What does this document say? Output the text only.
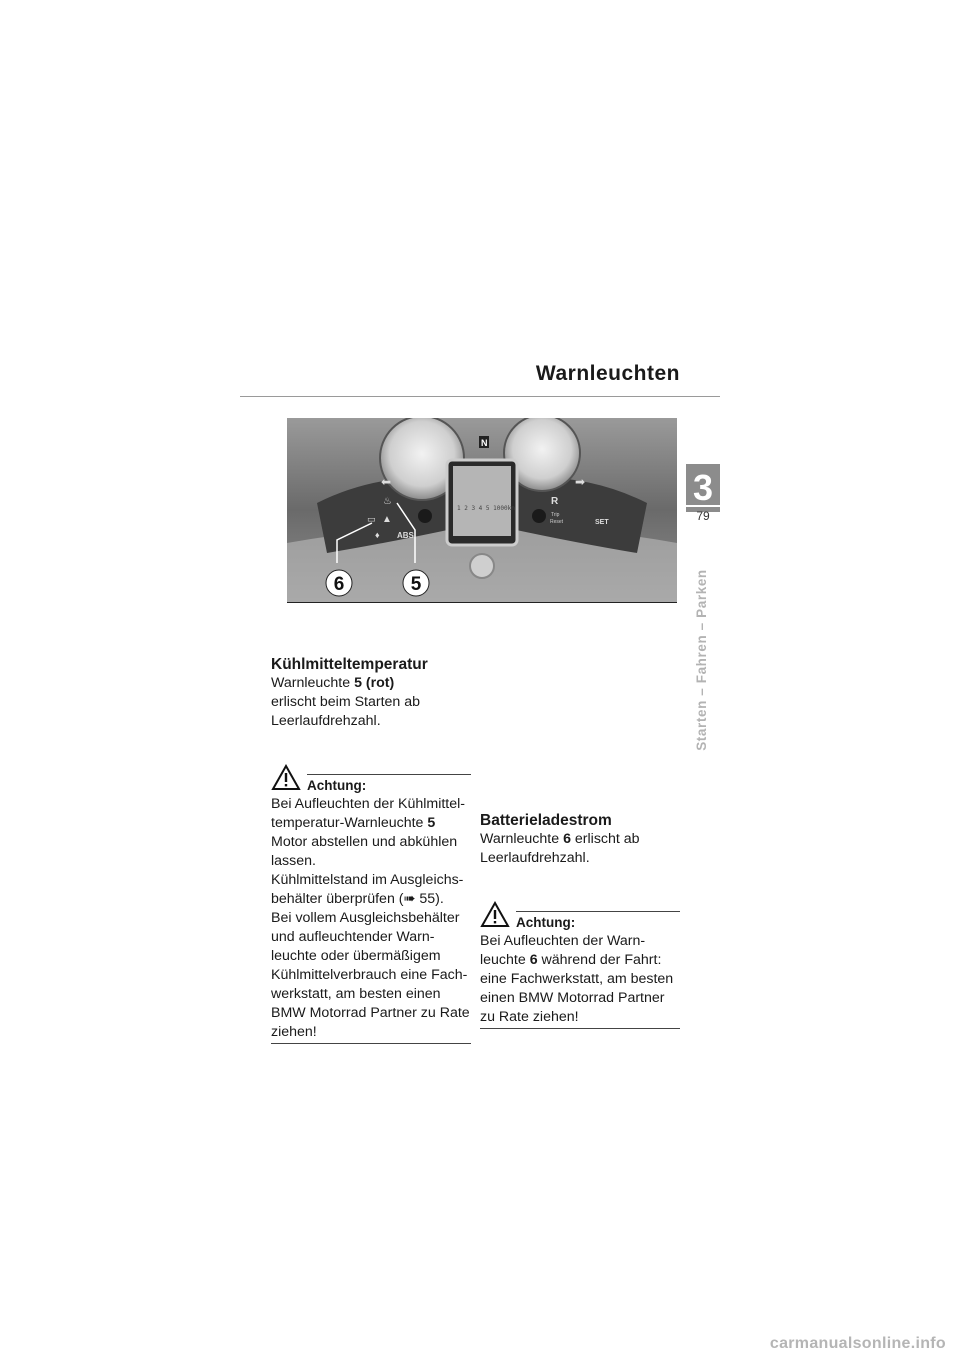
Warnleuchten
3
79
Starten – Fahren – Parken
1 2 3 4 5 1000km
N
♨
▭ ▲
ABS
♦
⬅	➡
R
SET
Trip
Reset
6	5
Kühlmitteltemperatur

Warnleuchte 5 (rot)

erlischt beim Starten ab

Leerlaufdrehzahl.

Achtung:

Bei Aufleuchten der Kühlmittel-

temperatur-Warnleuchte 5

Motor abstellen und abkühlen

lassen.

Kühlmittelstand im Ausgleichs-

behälter überprüfen (➠ 55).

Bei vollem Ausgleichsbehälter

und aufleuchtender Warn-

leuchte oder übermäßigem

Kühlmittelverbrauch eine Fach-

werkstatt, am besten einen

BMW Motorrad Partner zu Rate

ziehen!

Batterieladestrom

Warnleuchte 6 erlischt ab

Leerlaufdrehzahl.

Achtung:

Bei Aufleuchten der Warn-

leuchte 6 während der Fahrt:

eine Fachwerkstatt, am besten

einen BMW Motorrad Partner

zu Rate ziehen!

carmanualsonline.info
